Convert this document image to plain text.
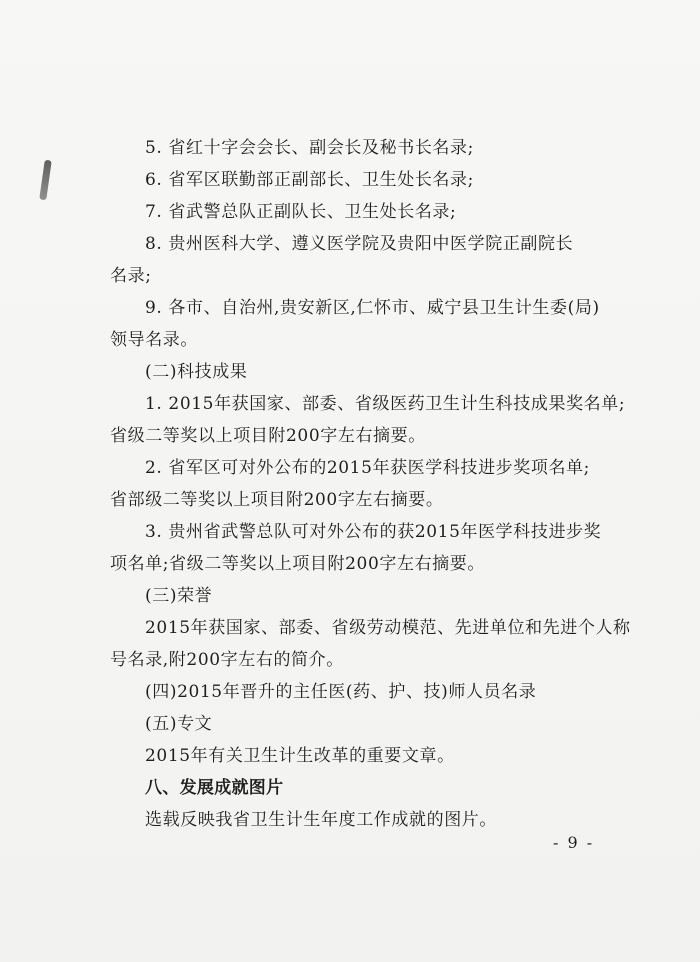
5. 省红十字会会长、副会长及秘书长名录;
6. 省军区联勤部正副部长、卫生处长名录;
7. 省武警总队正副队长、卫生处长名录;
8. 贵州医科大学、遵义医学院及贵阳中医学院正副院长
名录;
9. 各市、自治州,贵安新区,仁怀市、威宁县卫生计生委(局)
领导名录。
(二)科技成果
1. 2015年获国家、部委、省级医药卫生计生科技成果奖名单;
省级二等奖以上项目附200字左右摘要。
2. 省军区可对外公布的2015年获医学科技进步奖项名单;
省部级二等奖以上项目附200字左右摘要。
3. 贵州省武警总队可对外公布的获2015年医学科技进步奖
项名单;省级二等奖以上项目附200字左右摘要。
(三)荣誉
2015年获国家、部委、省级劳动模范、先进单位和先进个人称
号名录,附200字左右的简介。
(四)2015年晋升的主任医(药、护、技)师人员名录
(五)专文
2015年有关卫生计生改革的重要文章。
八、发展成就图片
选载反映我省卫生计生年度工作成就的图片。
- 9 -
